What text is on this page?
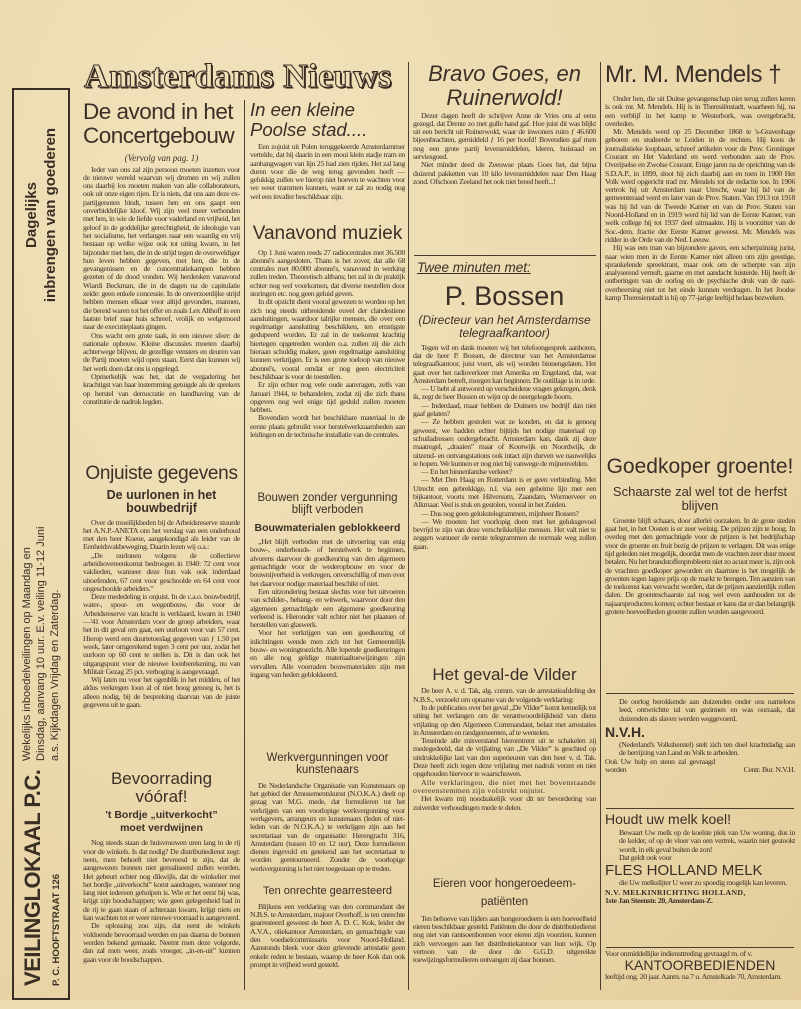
VEILINGLOKAAL P.C. P. C. HOOFTSTRAAT 126
Wekelijks inboedelveilingen op Maandag en Dinsdag, aanvang 10 uur. E.v. veiling 11-12 Juni a.s. Kijkdagen Vrijdag en Zaterdag.
Dagelijks inbrengen van goederen
Amsterdams Nieuws
De avond in het
Concertgebouw
(Vervolg van pag. 1)

Ieder van ons zal zijn persoon moeten inzetten voor de nieuwe wereld waarvan wij dromen en wij zullen ons daarbij los moeten maken van alle collaborateurs, ook uit onze eigen rijen. Er is niets, dat ons aan deze ex-partijgenoten bindt, tussen hen en ons gaapt een onverbiddelijke kloof. Wij zijn veel meer verbonden met hen, in wie de liefde voor vaderland en vrijheid, het geloof in de goddelijke gerechtigheid, de ideologie van het socialisme, het verlangen naar een waardig en vrij bestaan op welke wijze ook tot uiting kwam, in het bijzonder met hen, die in de strijd tegen de overweldiger hun leven hebben gegeven, met hen, die in de gevangenissen en de concentratiekampen hebben gezeten of de dood vonden. Wij herdenken vanavond Wiardi Beckman, die in de dagen na de capitulatie zeide: geen enkele concessie. In de onverzoenlijke strijd hebben mensen elkaar voor altijd gevonden, mannen, die bereid waren tot het offer en zoals Lex Althoff in een laatste brief naar huis schreef, vrolijk en welgemoed naar de executieplaats gingen.

Ons wacht een grote taak, in een nieuwe sfeer: de nationale opbouw. Kleine discussies moeten daarbij achterwege blijven, de gezellige vensters en deuren van de Partij moeten wijd open staan. Eerst dan kunnen wij het werk doen dat ons is opgelegd.

Opmerkelijk was het, dat de vergadering het krachtigst van haar instemming getuigde als de sprekers op herstel van democratie en handhaving van de constitutie de nadruk legden.

Onjuiste gegevens
De uurlonen in het bouwbedrijf

Over de moeilijkheden bij de Arbeidsreserve stuurde het A.N.P.-ANETA ons het verslag van een onderhoud met den heer Koene, aangekondigd als leider van de Eenheidsvakbeweging. Daarin lezen wij o.a.:

„De uurlonen volgens de collectieve arbeidsovereenkomst bedroegen in 1940: 72 cent voor vaklieden, wanneer deze hun vak ook inderdaad uitoefenden, 67 cent voor geschoolde en 64 cent voor ongeschoolde arbeiders.”

Deze mededeling is onjuist. In de c.a.o. bouwbedrijf, water-, spoor- en wegenbouw, die voor de Arbeidsreserve van kracht is verklaard, kwam in 1940—'41 voor Amsterdam voor de groep arbeiders, waar het in dit geval om gaat, een uurloon voor van 57 cent. Hierop werd een duurtetoeslag gegeven van ƒ 1.50 per week, later omgerekend tegen 3 cent per uur, zodat het uurloon op 60 cent te stellen is. Dit is dan ook het uitgangspunt voor de nieuwe loonberekening, nu van Militair Gezag 25 pct. verhoging is aangevraagd.

Wij laten nu voor het ogenblik in het midden, of het aldus verkregen loon al of niet hoog genoeg is, het is alleen nodig, bij de bespreking daarvan van de juiste gegevens uit te gaan.

Bevoorrading vóóraf!
't Bordje „uitverkocht”
moet verdwijnen

Nog steeds staan de huisvrouwen uren lang in de rij voor de winkels. Is dat nodig? De distributiedienst zegt: neen, men behoeft niet bevreesd te zijn, dat de aangewezen bonnen niet gerealiseerd zullen worden. Het gebeurt echter nog dikwijls, dat de winkelier met het bordje „uitverkocht” komt aandragen, wanneer nog lang niet iedereen geholpen is. Wie er het eerst bij was, krijgt zijn boodschappen; wie geen gelegenheid had in de rij te gaan staan of achteraan kwam, krijgt niets en kan wachten tot er weer nieuwe voorraad is aangevoerd.

De oplossing zou zijn, dat eerst de winkels voldoende bevoorraad werden en pas daarna de bonnen werden bekend gemaakt. Neemt men deze volgorde, dan zal men weer, zoals vroeger, „in-en-uit” kunnen gaan voor de boodschappen.

In een kleine Poolse stad....

Een zojuist uit Polen teruggekeerde Amsterdammer vertelde, dat hij daarin in een mooi klein stadje tram en aanhangwagen van lijn 25 had zien rijden. Het zal lang duren voor die de weg terug gevonden heeft — gelukkig zullen we hierop niet hoeven te wachten voor we weer trammen kunnen, want er zal zo nodig nog wel een invaller beschikbaar zijn.

Vanavond muziek

Op 1 Juni waren reeds 27 radiocentrales met 36.500 abonné's aangesloten. Thans is het zover, dat alle 68 centrales met 80.000 abonné's, vanavond in werking zullen treden. Theoretisch althans; het zal in de praktijk echter nog wel voorkomen, dat diverse toestellen door storingen etc. nog geen geluid geven.

In dit opzicht dient vooral gewezen te worden op het zich nog steeds uitbreidende euvel der clandestiene aansluitingen, waardoor talrijke mensen, die over een regelmatige aansluiting beschikken, ten ernstigste gedupeerd worden. Er zal in de toekomst krachtig hiertegen opgetreden worden o.a. zullen zij die zich hieraan schuldig maken, geen regelmatige aansluiting kunnen verkrijgen. Er is een grote toeloop van nieuwe abonné's, vooral omdat er nog geen electriciteit beschikbaar is voor de toestellen.

Er zijn echter nog vele oude aanvragen, zelfs van Januari 1944, te behandelen, zodat zij die zich thans opgeven nog wel enige tijd geduld zullen moeten hebben.

Bovendien wordt het beschikbare materiaal in de eerste plaats gebruikt voor herstelwerkzaamheden aan leidingen en de technische installatie van de centrales.

Bouwen zonder vergunning blijft verboden
Bouwmaterialen geblokkeerd

„Het blijft verboden met de uitvoering van enig bouw-, onderhouds- of herstelwerk te beginnen, alvorens daarvoor de goedkeuring van den algemeen gemachtigde voor de wederopbouw en voor de bouwnijverheid is verkregen, onverschillig of men over het daarvoor nodige materiaal beschikt of niet.

Een uitzondering bestaat slechts voor het uitvoeren van schilder-, behang- en witwerk, waarvoor door den algemeen gemachtigde een algemene goedkeuring verleend is. Hieronder valt echter niet het plaatsen of herstellen van glaswerk.

Voor het verkrijgen van een goedkeuring of inlichtingen wende men zich tot het Gemeentelijk bouw- en woningtoezicht. Alle lopende goedkeuringen en alle nog geldige materiaaltoewijzingen zijn vervallen. Alle voorraden bouwmaterialen zijn met ingang van heden geblokkeerd.

Werkvergunningen voor kunstenaars

De Nederlandsche Organisatie van Kunstenaars op het gebied der Amusementskunst (N.O.K.A.) deelt op gezag van M.G. mede, dat formulieren tot het verkrijgen van een voorlopige werkvergunning voor werkgevers, arrangeurs en kunstenaars (leden of niet-leden van de N.O.K.A.) te verkrijgen zijn aan het secretariaat van de organisatie: Herengracht 316, Amsterdam (tussen 10 en 12 uur). Deze formulieren dienen ingevuld en getekend aan het secretariaat te worden geretourneerd. Zonder de voorlopige werkvergunning is het niet toegestaan op te treden.

Ten onrechte gearresteerd

Blijkens een verklaring van den commandant der N.B.S. te Amsterdam, majoor Overhoff, is ten onrechte gearresteerd geweest de heer A. D. C. Kok, leider der A.V.A., oliekantoor Amsterdam, en gemachtigde van den voedselcommissaris voor Noord-Holland. Aanstonds bleek voor deze grievende arrestatie geen enkele reden te bestaan, waarop de heer Kok dan ook prompt in vrijheid werd gesteld.

Bravo Goes, en
Ruinerwold!

Dezer dagen heeft de schrijver Anne de Vries ons al eens gezegd, dat Drente zo met gulle hand gaf. Hoe juist dit was blijkt uit een bericht uit Ruinerwold, waar de inwoners ruim ƒ 46.600 bijeenbrachten, gemiddeld ƒ 16 per hoofd! Bovendien gaf men nog een grote partij levensmiddelen, kleren, huisraad en serviesgoed.

Niet minder deed de Zeeuwse plaats Goes het, dat bijna duizend pakketten van 10 kilo levensmiddelen naar Den Haag zond. Ofschoon Zeeland het ook niet breed heeft...!

Twee minuten met:
P. Bossen
(Directeur van het Amsterdamse telegraafkantoor)

Tegen wil en dank moeten wij het telefoongesprek aanhoren, dat de heer P. Bossen, de directeur van het Amsterdamse telegraafkantoor, juist voert, als wij worden binnengelaten. Het gaat over het radioverkeer met Amerika en Engeland, dat, wat Amsterdam betreft, morgen kan beginnen. De outillage is in orde.

— U hebt al antwoord op verscheidene vragen gekregen, denk ik, zegt de heer Bossen en wijst op de neergelegde hoorn.

— Inderdaad, maar hebben de Duitsers uw bedrijf dan niet gaaf gelaten?

— Ze hebben gestolen wat ze konden, en dat is genoeg geweest, we hadden echter bijtijds het nodige materiaal op schuiladressen ondergebracht. Amsterdam kan, dank zij deze maatregel, „draaien” maar of Kootwijk en Noordwijk, de uitzend- en ontvangstations ook intact zijn durven we nauwelijks te hopen. We kunnen er nog niet bij vanwege de mijnenvelden.

— En het binnenlandse verkeer?

— Met Den Haag en Rotterdam is er geen verbinding. Met Utrecht een gebrekkige, n.l. via een geheime lijn met een bijkantoor, voorts met Hilversum, Zaandam, Wormerveer en Alkmaar. Veel is stuk en gestolen, vooral in het Zuiden.

— Dus nog geen gelukstelegrammen, mijnheer Bossen?

— We moeten het voorlopig doen met het geluksgevoel bevrijd te zijn van deze verschrikkelijke mensen. Het valt niet te zeggen wanneer de eerste telegrammen de normale weg zullen gaan.

Het geval-de Vilder

De heer A. v. d. Tak, alg. comm. van de arrestatieafdeling der N.B.S., verzoekt om opname van de volgende verklaring:

In de publicaties over het geval „De Vilder” komt kennelijk tot uiting het verlangen om de verantwoordelijkheid van diens vrijlating op den Algemeen Commandant, belast met arrestaties in Amsterdam en randgemeenten, af te wentelen.

Teneinde alle misverstand hieromtrent uit te schakelen zij medegedeeld, dat de vrijlating van „De Vilder” is geschied op uitdrukkelijke last van den superieuren van den heer v. d. Tak. Deze heeft zich tegen deze vrijlating met nadruk verzet en niet opgehouden hiervoor te waarschuwen.

Alle verklaringen, die niet met het bovenstaande overeenstemmen zijn volstrekt onjuist.

Het kwam mij noodzakelijk voor dit ter bevordering van zuiverder verhoudingen mede te delen.

Eieren voor hongeroedeem-
patiënten

Ten behoeve van lijders aan hongeroedeem is een hoeveelheid eieren beschikbaar gesteld. Patiënten die door de distributiedienst nog niet van rantsoenbonnen voor eieren zijn voorzien, kunnen zich vervoegen aan het distributiekantoor van hun wijk. Op vertoon van de door de G.G.D. uitgereikte toewijzingsformulieren ontvangen zij daar bonnen.

Mr. M. Mendels †

Onder hen, die uit Duitse gevangenschap niet terug zullen keren is ook mr. M. Mendels. Hij is in Theresiënstadt, waarheen hij, na een verblijf in het kamp te Westerbork, was overgebracht, overleden.

Mr. Mendels werd op 25 December 1868 te 's-Gravenhage geboren en studeerde te Leiden in de rechten. Hij koos de journalistieke loopbaan, schreef artikelen voor de Prov. Groninger Courant en Het Vaderland en werd verbonden aan de Prov. Overijselse en Zwolse Courant. Enige jaren na de oprichting van de S.D.A.P., in 1899, sloot hij zich daarbij aan en toen in 1900 Het Volk werd opgericht trad mr. Mendels tot de redactie toe. In 1906 vertrok hij uit Amsterdam naar Utrecht, waar hij lid van de gemeenteraad werd en later van de Prov. Staten. Van 1913 tot 1918 was hij lid van de Tweede Kamer en van de Prov. Staten van Noord-Holland en in 1919 werd hij lid van de Eerste Kamer, van welk college hij tot 1937 deel uitmaakte. Hij is voorzitter van de Soc.-dem. fractie der Eerste Kamer geweest. Mr. Mendels was ridder in de Orde van de Ned. Leeuw.

Hij was een man van bijzondere gaven, een scherpzinnig jurist, naar wien men in de Eerste Kamer niet alleen om zijn geestige, sprankelende spreektrant, maar ook om de scherpte van zijn analyserend vernuft, gaarne en met aandacht luisterde. Hij heeft de ontberingen van de oorlog en de psychische druk van de nazi-overheersing niet tot het einde kunnen verdragen. In het Joodse kamp Theresienstadt is hij op 77-jarige leeftijd helaas bezweken.

Goedkoper groente!
Schaarste zal wel tot de herfst blijven

Groente blijft schaars, door allerlei oorzaken. In de grote steden gaat het, in het Oosten is er zeer weinig. De prijzen zijn te hoog. In overleg met den gemachtigde voor de prijzen is het bedrijfschap voor de groente en fruit bezig de prijzen te verlagen. Dit was enige tijd geleden niet mogelijk, doordat men de vrachten zeer duur moest betalen. Nu het brandstoffenprobleem niet zo acuut meer is, zijn ook de vrachten goedkoper geworden en daarmee is het mogelijk de groenten tegen lagere prijs op de markt te brengen. Ten aanzien van de toekomst kan verwacht worden, dat de prijzen aanzienlijk zullen dalen. De groenteschaarste zal nog wel even aanhouden tot de najaarsproducten komen; echter bestaat er kans dat er dan belangrijk grotere hoeveelheden groente zullen worden aangevoerd.

De oorlog berokkende aan duizenden onder ons nameloos leed, ontwrichtte tal van gezinnen en was oorzaak, dat duizenden als slaven werden weggevoerd.
N.V.H.
(Nederland's Volksherstel) stelt zich ten doel krachtdadig aan de herrijzing van Land en Volk te arbeiden.
Ook Uw hulp en steun zal gevraagd worden	Centr. Bur. N.V.H.
Houdt uw melk koel!
Bewaart Uw melk op de koelste plek van Uw woning, dus in de kelder, of op de vloer van een vertrek, waarin niet gestookt wordt, in elk geval buiten de zon!
Dat geldt ook voor
FLES HOLLAND MELK
die Uw melkslijter U weer zo spoedig mogelijk kan leveren.
N.V. MELKINRICHTING HOLLAND,
1ste Jan Steenstr. 20, Amsterdam-Z.
Voor onmiddellijke indiensttreding gevraagd m. of v.
KANTOORBEDIENDEN
leeftijd ong. 20 jaar. Aanm. na 7 u. Amstelkade 70, Amsterdam.
